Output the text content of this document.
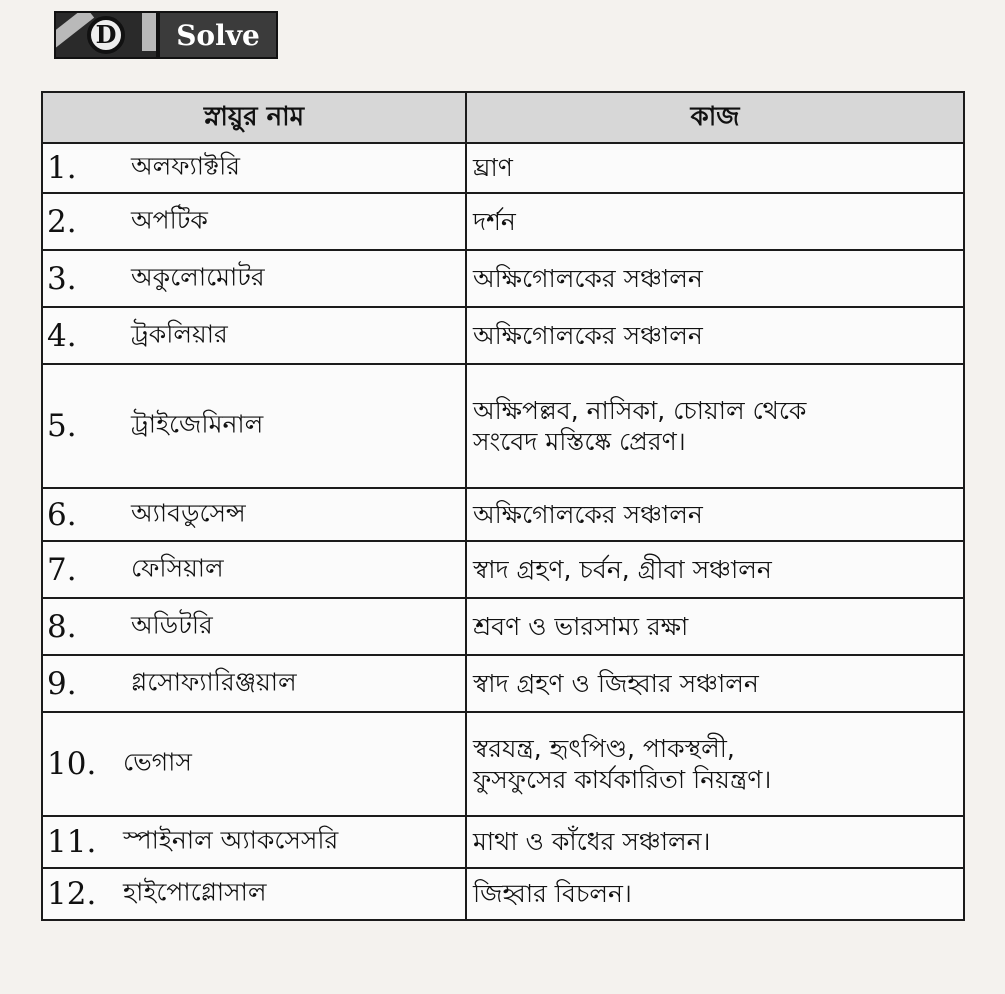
D	Solve
স্নায়ুর নাম	কাজ

1. অলফ্যাক্টরি	ঘ্রাণ

2. অপটিক	দর্শন

3. অকুলোমোটর	অক্ষিগোলকের সঞ্চালন

4. ট্রকলিয়ার	অক্ষিগোলকের সঞ্চালন

5. ট্রাইজেমিনাল	অক্ষিপল্লব, নাসিকা, চোয়াল থেকে
সংবেদ মস্তিষ্কে প্রেরণ।

6. অ্যাবডুসেন্স	অক্ষিগোলকের সঞ্চালন

7. ফেসিয়াল	স্বাদ গ্রহণ, চর্বন, গ্রীবা সঞ্চালন

8. অডিটরি	শ্রবণ ও ভারসাম্য রক্ষা

9. গ্লসোফ্যারিঞ্জয়াল	স্বাদ গ্রহণ ও জিহ্বার সঞ্চালন

10. ভেগাস	স্বরযন্ত্র, হৃৎপিণ্ড, পাকস্থলী,
ফুসফুসের কার্যকারিতা নিয়ন্ত্রণ।

11. স্পাইনাল অ্যাকসেসরি	মাথা ও কাঁধের সঞ্চালন।

12. হাইপোগ্লোসাল	জিহ্বার বিচলন।
